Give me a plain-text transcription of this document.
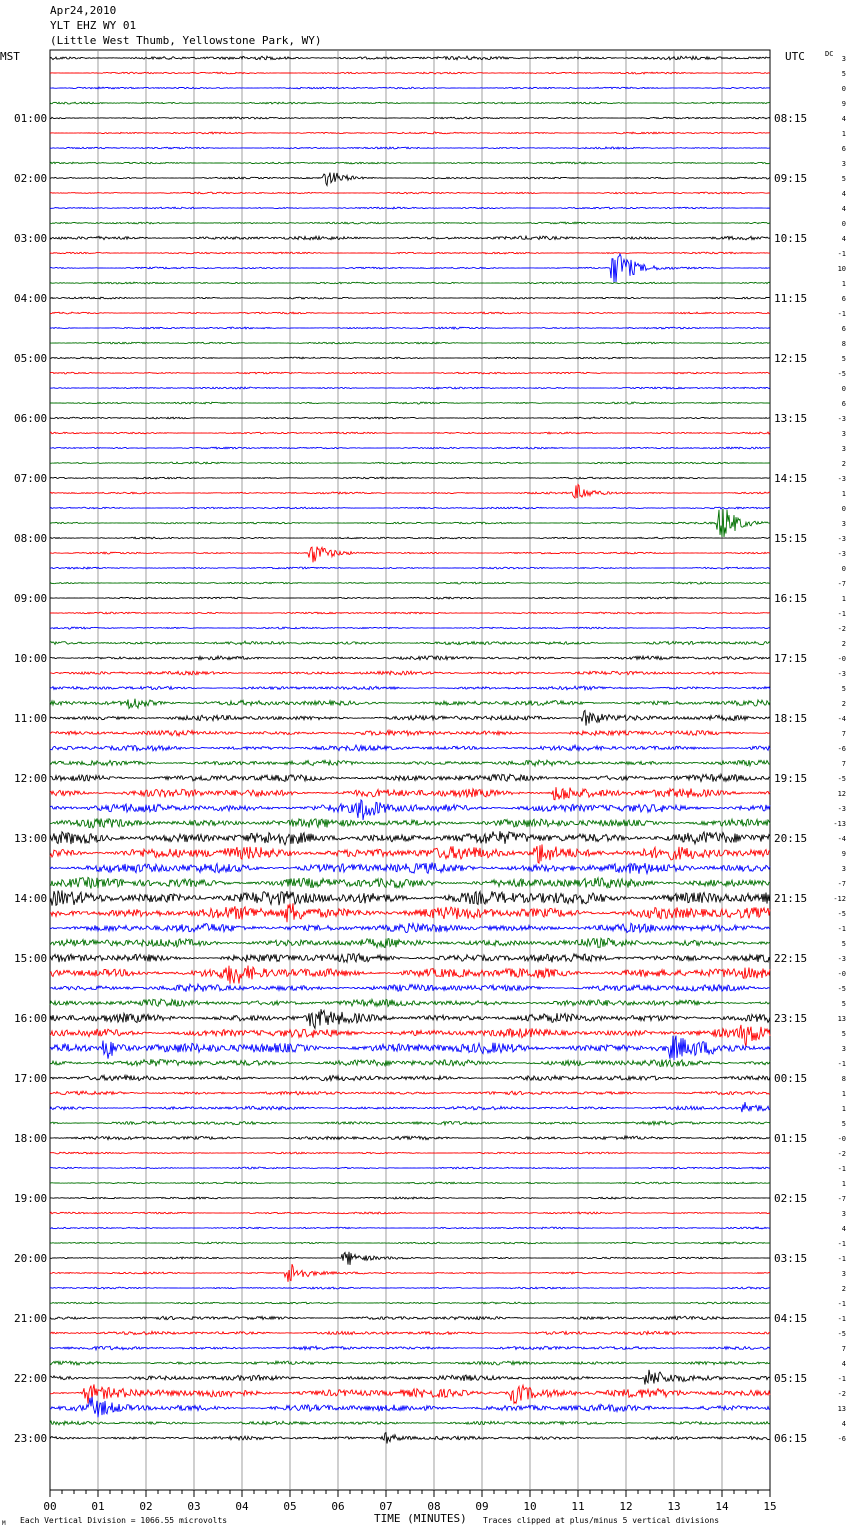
Apr24,2010
YLT EHZ WY 01
(Little West Thumb, Yellowstone Park, WY)
MST	UTC	DC
01:00
02:00
03:00
04:00
05:00
06:00
07:00
08:00
09:00
10:00
11:00
12:00
13:00
14:00
15:00
16:00
17:00
18:00
19:00
20:00
21:00
22:00
23:00
08:15
09:15
10:15
11:15
12:15
13:15
14:15
15:15
16:15
17:15
18:15
19:15
20:15
21:15
22:15
23:15
00:15
01:15
02:15
03:15
04:15
05:15
06:15
3
5
0
9
4
1
6
3
5
4
4
0
4
-1
10
1
6
-1
6
8
5
-5
0
6
-3
3
3
2
-3
1
0
3
-3
-3
0
-7
1
-1
-2
2
-0
-3
5
2
-4
7
-6
7
-5
12
-3
-13
-4
9
3
-7
-12
-5
-1
5
-3
-0
-5
5
13
5
3
-1
8
1
1
5
-0
-2
-1
1
-7
3
4
-1
-1
3
2
-1
-1
-5
7
4
-1
-2
13
4
-6
00	01	02	03	04	05	06	07	08	09	10	11	12	13	14	15
TIME (MINUTES)
Each Vertical Division = 1066.55 microvolts	Traces clipped at plus/minus 5 vertical divisions
M
